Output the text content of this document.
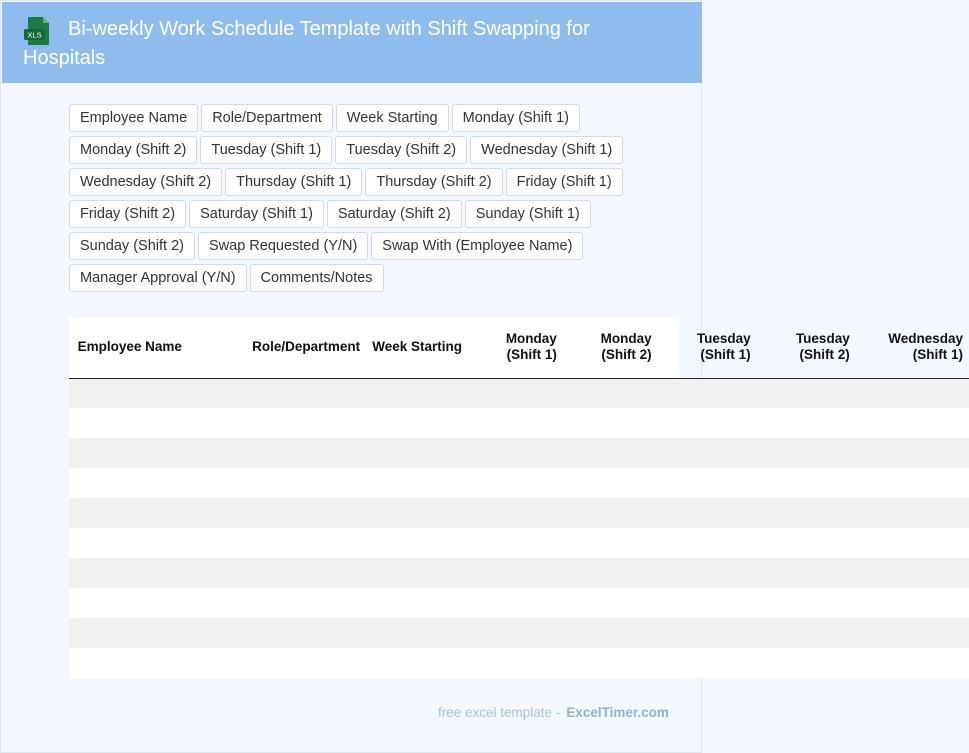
XLS	Bi-weekly Work Schedule Template with Shift Swapping for Hospitals
Employee Name	Role/Department	Week Starting	Monday (Shift 1)
Monday (Shift 2)	Tuesday (Shift 1)	Tuesday (Shift 2)	Wednesday (Shift 1)
Wednesday (Shift 2)	Thursday (Shift 1)	Thursday (Shift 2)	Friday (Shift 1)
Friday (Shift 2)	Saturday (Shift 1)	Saturday (Shift 2)	Sunday (Shift 1)
Sunday (Shift 2)	Swap Requested (Y/N)	Swap With (Employee Name)
Manager Approval (Y/N)	Comments/Notes
Employee Name	Role/Department	Week Starting	Monday (Shift 1)	Monday (Shift 2)	Tuesday (Shift 1)	Tuesday (Shift 2)	Wednesday (Shift 1)

free excel template - ExcelTimer.com
